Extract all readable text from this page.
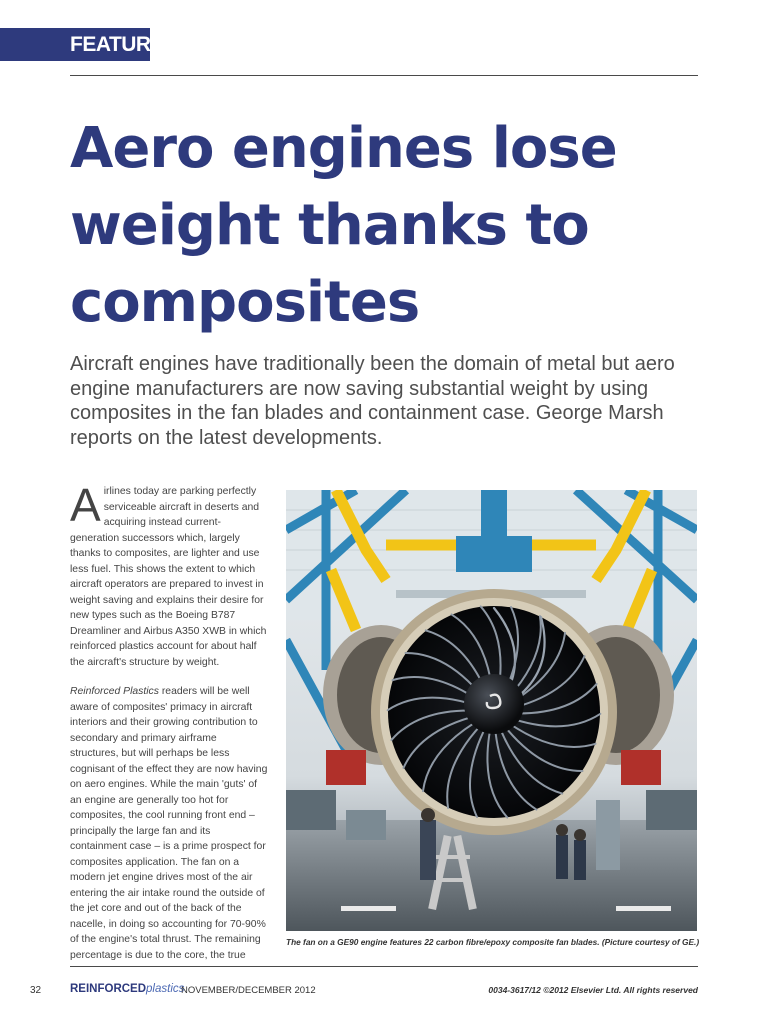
FEATURE
Aero engines lose weight thanks to composites

Aircraft engines have traditionally been the domain of metal but aero engine manufacturers are now saving substantial weight by using composites in the fan blades and containment case. George Marsh reports on the latest developments.

A irlines today are parking perfectly serviceable aircraft in deserts and acquiring instead current-generation successors which, largely thanks to composites, are lighter and use less fuel. This shows the extent to which aircraft operators are prepared to invest in weight saving and explains their desire for new types such as the Boeing B787 Dreamliner and Airbus A350 XWB in which reinforced plastics account for about half the aircraft's structure by weight.

Reinforced Plastics readers will be well aware of composites' primacy in aircraft interiors and their growing contribution to secondary and primary airframe structures, but will perhaps be less cognisant of the effect they are now having on aero engines. While the main 'guts' of an engine are generally too hot for composites, the cool running front end – principally the large fan and its containment case – is a prime prospect for composites application. The fan on a modern jet engine drives most of the air entering the air intake round the outside of the jet core and out of the back of the nacelle, in doing so accounting for 70-90% of the engine's total thrust. The remaining percentage is due to the core, the true

The fan on a GE90 engine features 22 carbon fibre/epoxy composite fan blades. (Picture courtesy of GE.)
32	REINFORCEDplastics
NOVEMBER/DECEMBER 2012	0034-3617/12 ©2012 Elsevier Ltd. All rights reserved
